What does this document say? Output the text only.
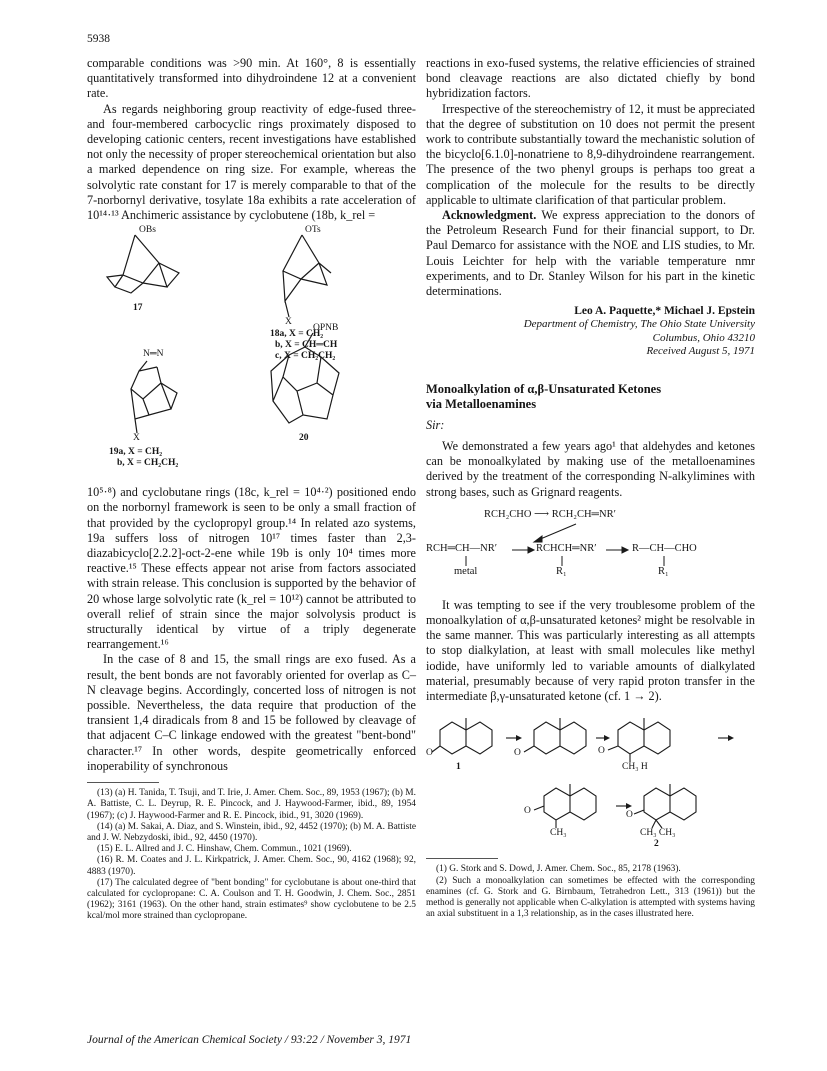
5938

comparable conditions was >90 min. At 160°, 8 is essentially quantitatively transformed into dihydroindene 12 at a convenient rate.

As regards neighboring group reactivity of edge-fused three- and four-membered carbocyclic rings proximately disposed to developing cationic centers, recent investigations have established not only the necessity of proper stereochemical orientation but also a marked dependence on ring size. For example, whereas the solvolytic rate constant for 17 is merely comparable to that of the 7-norbornyl derivative, tosylate 18a exhibits a rate acceleration of 10¹⁴·¹³ Anchimeric assistance by cyclobutene (18b, k_rel =

OBs
17
OTs
X
18a, X = CH₂
b, X = CH═CH
c, X = CH₂CH₂
N═N
X
19a, X = CH₂
b, X = CH₂CH₂
OPNB
20

10⁵·⁸) and cyclobutane rings (18c, k_rel = 10⁴·²) positioned endo on the norbornyl framework is seen to be only a small fraction of that provided by the cyclopropyl group.¹⁴ In related azo systems, 19a suffers loss of nitrogen 10¹⁷ times faster than 2,3-diazabicyclo[2.2.2]-oct-2-ene while 19b is only 10⁴ times more reactive.¹⁵ These effects appear not arise from factors associated with strain release. This conclusion is supported by the behavior of 20 whose large solvolytic rate (k_rel = 10¹²) cannot be attributed to overall relief of strain since the major solvolysis product is structurally identical by virtue of a triply degenerate rearrangement.¹⁶

In the case of 8 and 15, the small rings are exo fused. As a result, the bent bonds are not favorably oriented for overlap as C–N cleavage begins. Accordingly, concerted loss of nitrogen is not possible. Nevertheless, the data require that production of the transient 1,4 diradicals from 8 and 15 be followed by cleavage of that adjacent C–C linkage endowed with the greatest "bent-bond" character.¹⁷ In other words, despite geometrically enforced inoperability of synchronous

(13) (a) H. Tanida, T. Tsuji, and T. Irie, J. Amer. Chem. Soc., 89, 1953 (1967); (b) M. A. Battiste, C. L. Deyrup, R. E. Pincock, and J. Haywood-Farmer, ibid., 89, 1954 (1967); (c) J. Haywood-Farmer and R. E. Pincock, ibid., 91, 3020 (1969).

(14) (a) M. Sakai, A. Diaz, and S. Winstein, ibid., 92, 4452 (1970); (b) M. A. Battiste and J. W. Nebzydoski, ibid., 92, 4450 (1970).

(15) E. L. Allred and J. C. Hinshaw, Chem. Commun., 1021 (1969).

(16) R. M. Coates and J. L. Kirkpatrick, J. Amer. Chem. Soc., 90, 4162 (1968); 92, 4883 (1970).

(17) The calculated degree of "bent bonding" for cyclobutane is about one-third that calculated for cyclopropane: C. A. Coulson and T. H. Goodwin, J. Chem. Soc., 2851 (1962); 3161 (1963). On the other hand, strain estimates⁹ show cyclobutene to be 2.5 kcal/mol more strained than cyclopropane.

reactions in exo-fused systems, the relative efficiencies of strained bond cleavage reactions are also dictated chiefly by bond hybridization factors.

Irrespective of the stereochemistry of 12, it must be appreciated that the degree of substitution on 10 does not permit the present work to contribute substantially toward the mechanistic solution of the bicyclo[6.1.0]-nonatriene to 8,9-dihydroindene rearrangement. The presence of the two phenyl groups is perhaps too great a complication of the molecule for the results to be directly applicable to ultimate clarification of that particular problem.

Acknowledgment. We express appreciation to the donors of the Petroleum Research Fund for their financial support, to Dr. Paul Demarco for assistance with the NOE and LIS studies, to Mr. Louis Leichter for help with the variable temperature nmr experiments, and to Dr. Stanley Wilson for his part in the kinetic determinations.

Leo A. Paquette,* Michael J. Epstein
Department of Chemistry, The Ohio State University
Columbus, Ohio 43210
Received August 5, 1971
Monoalkylation of α,β-Unsaturated Ketones
via Metalloenamines
Sir:

We demonstrated a few years ago¹ that aldehydes and ketones can be monoalkylated by making use of the metalloenamines derived by the treatment of the corresponding N-alkylimines with strong bases, such as Grignard reagents.

RCH₂CHO ⟶ RCH₂CH═NR′
RCH═CH—NR′	RCHCH═NR′	R—CH—CHO
metal	R₁	R₁

It was tempting to see if the very troublesome problem of the monoalkylation of α,β-unsaturated ketones² might be resolvable in the same manner. This was particularly interesting as all attempts to stop dialkylation, at least with small molecules like methyl iodide, have uniformly led to variable amounts of dialkylated material, presumably because of very rapid proton transfer in the intermediate β,γ-unsaturated ketone (cf. 1 → 2).

O
1
O	O
CH₃ H
O
CH₃
O
CH₃ CH₃
2

(1) G. Stork and S. Dowd, J. Amer. Chem. Soc., 85, 2178 (1963).

(2) Such a monoalkylation can sometimes be effected with the corresponding enamines (cf. G. Stork and G. Birnbaum, Tetrahedron Lett., 313 (1961)) but the method is generally not applicable when C-alkylation is attempted with systems having an axial substituent in a 1,3 relationship, as in the cases illustrated here.

Journal of the American Chemical Society / 93:22 / November 3, 1971
